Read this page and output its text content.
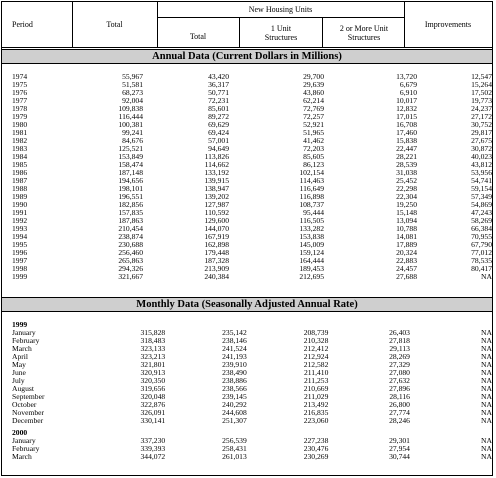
Period	Total
New Housing Units
Total
1 Unit Structures
2 or More Unit Structures
Improvements
Annual Data (Current Dollars in Millions)
1974	55,967	43,420	29,700	13,720	12,547
1975	51,581	36,317	29,639	6,679	15,264
1976	68,273	50,771	43,860	6,910	17,502
1977	92,004	72,231	62,214	10,017	19,773
1978	109,838	85,601	72,769	12,832	24,237
1979	116,444	89,272	72,257	17,015	27,172
1980	100,381	69,629	52,921	16,708	30,752
1981	99,241	69,424	51,965	17,460	29,817
1982	84,676	57,001	41,462	15,838	27,675
1983	125,521	94,649	72,203	22,447	30,872
1984	153,849	113,826	85,605	28,221	40,023
1985	158,474	114,662	86,123	28,539	43,812
1986	187,148	133,192	102,154	31,038	53,956
1987	194,656	139,915	114,463	25,452	54,741
1988	198,101	138,947	116,649	22,298	59,154
1989	196,551	139,202	116,898	22,304	57,349
1990	182,856	127,987	108,737	19,250	54,869
1991	157,835	110,592	95,444	15,148	47,243
1992	187,863	129,600	116,505	13,094	58,269
1993	210,454	144,070	133,282	10,788	66,384
1994	238,874	167,919	153,838	14,081	70,955
1995	230,688	162,898	145,009	17,889	67,790
1996	256,460	179,448	159,124	20,324	77,012
1997	265,863	187,328	164,444	22,883	78,535
1998	294,326	213,909	189,453	24,457	80,417
1999	321,667	240,384	212,695	27,688	NA
Monthly Data (Seasonally Adjusted Annual Rate)
1999					
January	315,828	235,142	208,739	26,403	NA
February	318,483	238,146	210,328	27,818	NA
March	323,133	241,524	212,412	29,113	NA
April	323,213	241,193	212,924	28,269	NA
May	321,801	239,910	212,582	27,329	NA
June	320,913	238,490	211,410	27,080	NA
July	320,350	238,886	211,253	27,632	NA
August	319,656	238,566	210,669	27,896	NA
September	320,048	239,145	211,029	28,116	NA
October	322,876	240,292	213,492	26,800	NA
November	326,091	244,608	216,835	27,774	NA
December	330,141	251,307	223,060	28,246	NA

2000					
January	337,230	256,539	227,238	29,301	NA
February	339,393	258,431	230,476	27,954	NA
March	344,072	261,013	230,269	30,744	NA
